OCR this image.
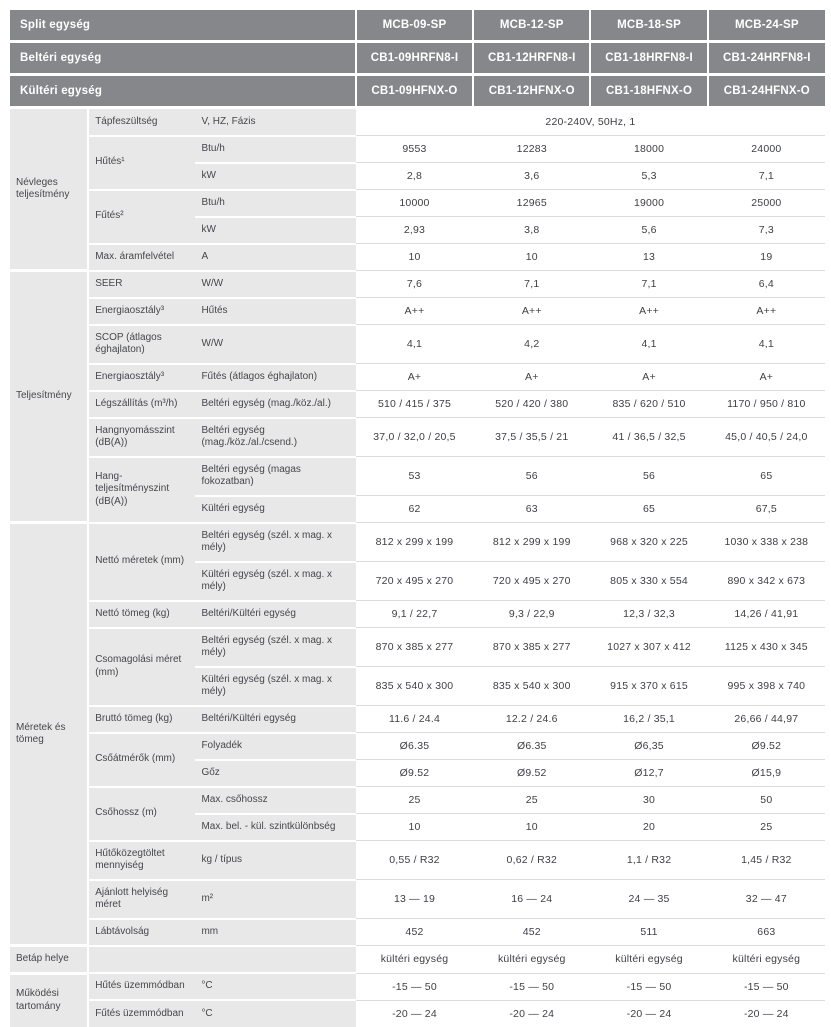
Split egység			MCB-09-SP	MCB-12-SP	MCB-18-SP	MCB-24-SP
Beltéri egység			CB1-09HRFN8-I	CB1-12HRFN8-I	CB1-18HRFN8-I	CB1-24HRFN8-I
Kültéri egység			CB1-09HFNX-O	CB1-12HFNX-O	CB1-18HFNX-O	CB1-24HFNX-O
Névleges teljesítmény	Tápfeszültség	V, HZ, Fázis	220-240V, 50Hz, 1			
	Hűtés¹	Btu/h	9553	12283	18000	24000
		kW	2,8	3,6	5,3	7,1
	Fűtés²	Btu/h	10000	12965	19000	25000
		kW	2,93	3,8	5,6	7,3
	Max. áramfelvétel	A	10	10	13	19
Teljesítmény	SEER	W/W	7,6	7,1	7,1	6,4
	Energiaosztály³	Hűtés	A++	A++	A++	A++
	SCOP (átlagos éghajlaton)	W/W	4,1	4,2	4,1	4,1
	Energiaosztály³	Fűtés (átlagos éghajlaton)	A+	A+	A+	A+
	Légszállítás (m³/h)	Beltéri egység (mag./köz./al.)	510 / 415 / 375	520 / 420 / 380	835 / 620 / 510	1170 / 950 / 810
	Hangnyomásszint (dB(A))	Beltéri egység (mag./köz./al./csend.)	37,0 / 32,0 / 20,5	37,5 / 35,5 / 21	41 / 36,5 / 32,5	45,0 / 40,5 / 24,0
	Hang- teljesítményszint (dB(A))	Beltéri egység (magas fokozatban)	53	56	56	65
		Kültéri egység	62	63	65	67,5
Méretek és tömeg	Nettó méretek (mm)	Beltéri egység (szél. x mag. x mély)	812 x 299 x 199	812 x 299 x 199	968 x 320 x 225	1030 x 338 x 238
		Kültéri egység (szél. x mag. x mély)	720 x 495 x 270	720 x 495 x 270	805 x 330 x 554	890 x 342 x 673
	Nettó tömeg (kg)	Beltéri/Kültéri egység	9,1 / 22,7	9,3 / 22,9	12,3 / 32,3	14,26 / 41,91
	Csomagolási méret (mm)	Beltéri egység (szél. x mag. x mély)	870 x 385 x 277	870 x 385 x 277	1027 x 307 x 412	1125 x 430 x 345
		Kültéri egység (szél. x mag. x mély)	835 x 540 x 300	835 x 540 x 300	915 x 370 x 615	995 x 398 x 740
	Bruttó tömeg (kg)	Beltéri/Kültéri egység	11.6 / 24.4	12.2 / 24.6	16,2 / 35,1	26,66 / 44,97
	Csőátmérők (mm)	Folyadék	Ø6.35	Ø6.35	Ø6,35	Ø9.52
		Gőz	Ø9.52	Ø9.52	Ø12,7	Ø15,9
	Csőhossz (m)	Max. csőhossz	25	25	30	50
		Max. bel. - kül. szintkülönbség	10	10	20	25
	Hűtőközegtöltet mennyiség	kg / típus	0,55 / R32	0,62 / R32	1,1 / R32	1,45 / R32
	Ajánlott helyiség méret	m²	13 — 19	16 — 24	24 — 35	32 — 47
	Lábtávolság	mm	452	452	511	663
Betáp helye			kültéri egység	kültéri egység	kültéri egység	kültéri egység
Működési tartomány	Hűtés üzemmódban	°C	-15 — 50	-15 — 50	-15 — 50	-15 — 50
	Fűtés üzemmódban	°C	-20 — 24	-20 — 24	-20 — 24	-20 — 24
